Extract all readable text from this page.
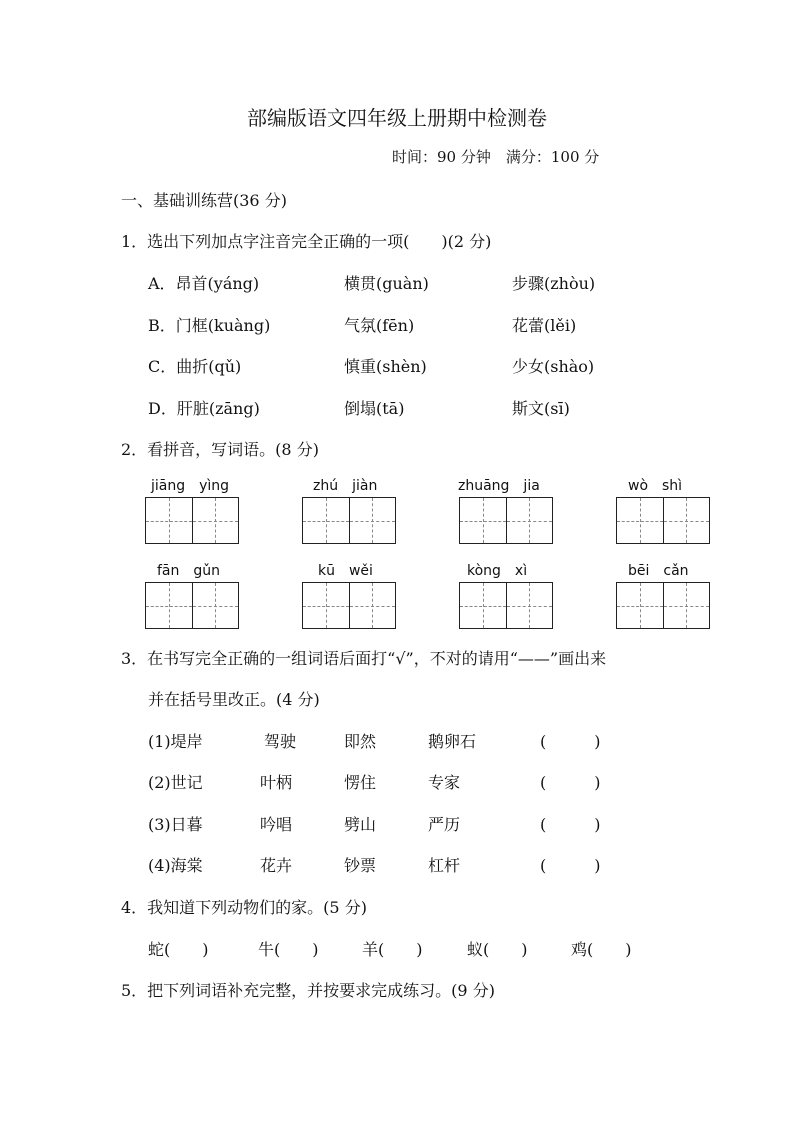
部编版语文四年级上册期中检测卷
时间：90 分钟　满分：100 分
一、基础训练营(36 分)
1．选出下列加点字注音完全正确的一项(　　)(2 分)
A．昂首(yáng)	横贯(guàn)	步骤(zhòu)
B．门框(kuàng)	气氛(fēn)	花蕾(lěi)
C．曲折(qǔ)	慎重(shèn)	少女(shào)
D．肝脏(zāng)	倒塌(tā)	斯文(sī)
2．看拼音，写词语。(8 分)
jiāng　yìng	zhú　jiàn	zhuāng　jia	wò　shì
fān　gǔn	kū　wěi	kòng　xì	bēi　cǎn
3．在书写完全正确的一组词语后面打“√”，不对的请用“——”画出来
并在括号里改正。(4 分)
(1)堤岸	驾驶	即然	鹅卵石	(　　　)
(2)世记	叶柄	愣住	专家	(　　　)
(3)日暮	吟唱	劈山	严历	(　　　)
(4)海棠	花卉	钞票	杠杆	(　　　)
4．我知道下列动物们的家。(5 分)
蛇(　　)	牛(　　)	羊(　　)	蚁(　　)	鸡(　　)
5．把下列词语补充完整，并按要求完成练习。(9 分)
